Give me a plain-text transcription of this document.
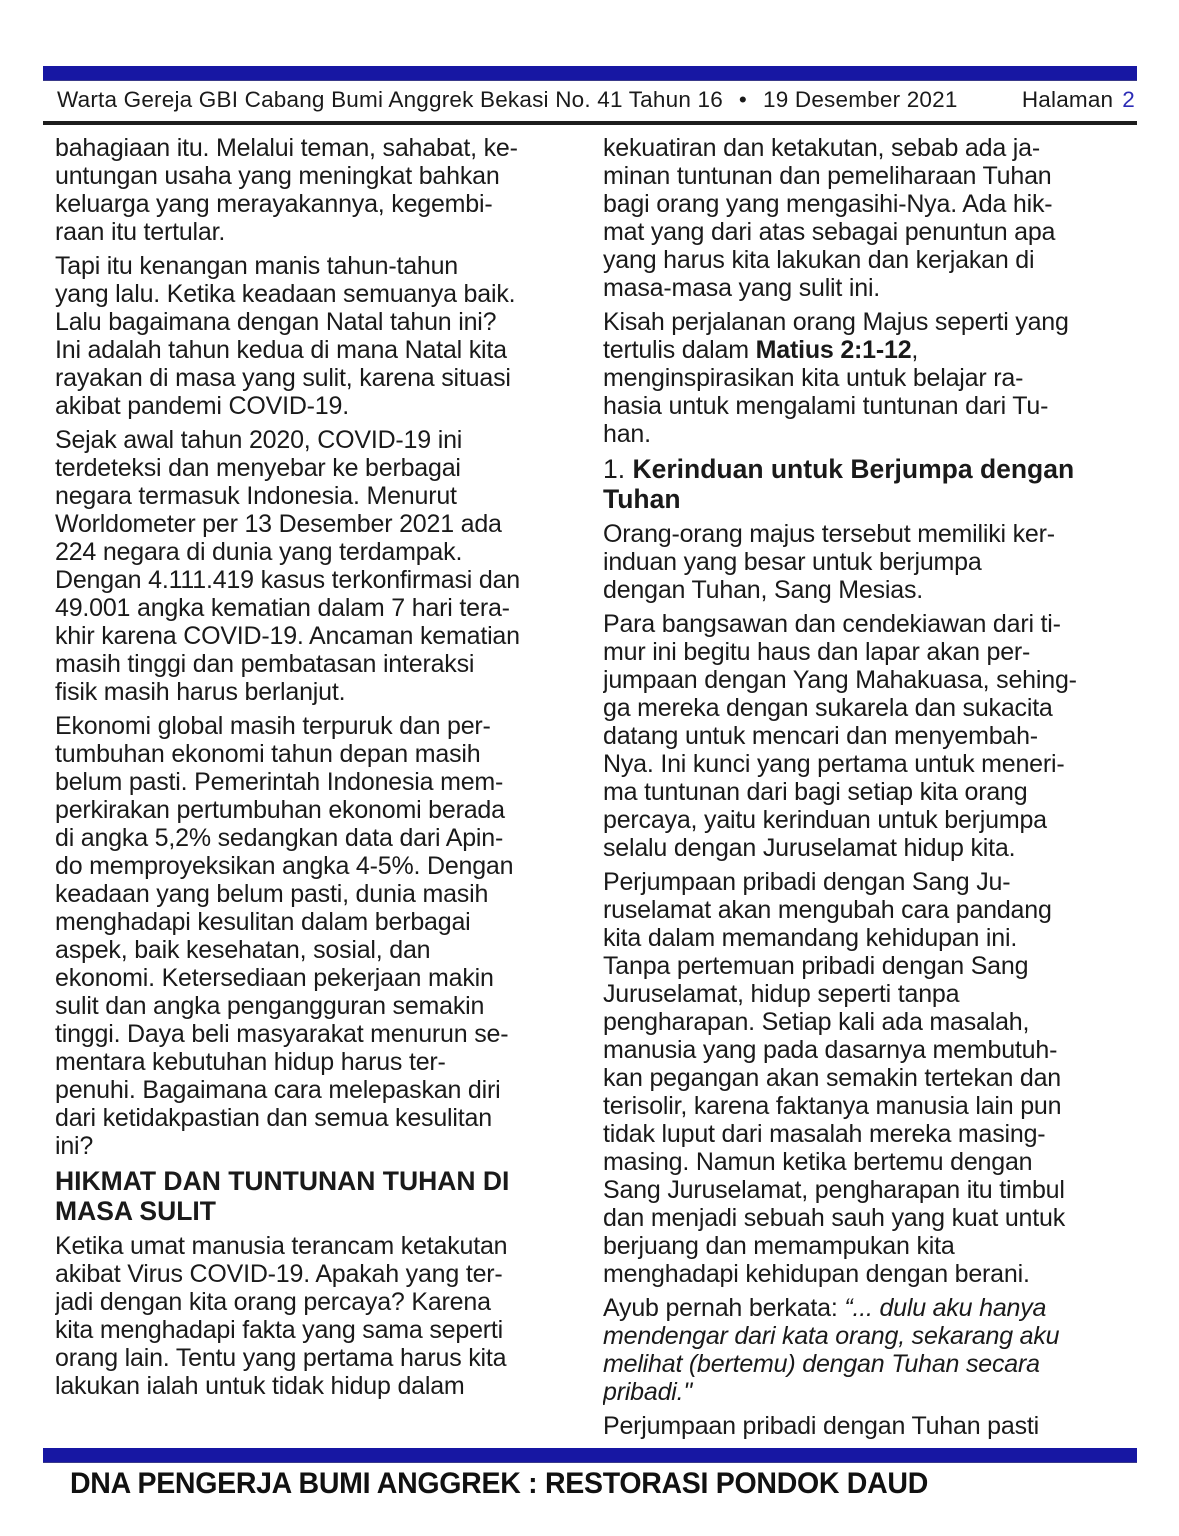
Warta Gereja GBI Cabang Bumi Anggrek Bekasi No. 41 Tahun 16 • 19 Desember 2021	Halaman 2
bahagiaan itu. Melalui teman, sahabat, ke-
untungan usaha yang meningkat bahkan
keluarga yang merayakannya, kegembi-
raan itu tertular.
Tapi itu kenangan manis tahun-tahun
yang lalu. Ketika keadaan semuanya baik.
Lalu bagaimana dengan Natal tahun ini?
Ini adalah tahun kedua di mana Natal kita
rayakan di masa yang sulit, karena situasi
akibat pandemi COVID-19.
Sejak awal tahun 2020, COVID-19 ini
terdeteksi dan menyebar ke berbagai
negara termasuk Indonesia. Menurut
Worldometer per 13 Desember 2021 ada
224 negara di dunia yang terdampak.
Dengan 4.111.419 kasus terkonfirmasi dan
49.001 angka kematian dalam 7 hari tera-
khir karena COVID-19. Ancaman kematian
masih tinggi dan pembatasan interaksi
fisik masih harus berlanjut.
Ekonomi global masih terpuruk dan per-
tumbuhan ekonomi tahun depan masih
belum pasti. Pemerintah Indonesia mem-
perkirakan pertumbuhan ekonomi berada
di angka 5,2% sedangkan data dari Apin-
do memproyeksikan angka 4-5%. Dengan
keadaan yang belum pasti, dunia masih
menghadapi kesulitan dalam berbagai
aspek, baik kesehatan, sosial, dan
ekonomi. Ketersediaan pekerjaan makin
sulit dan angka pengangguran semakin
tinggi. Daya beli masyarakat menurun se-
mentara kebutuhan hidup harus ter-
penuhi. Bagaimana cara melepaskan diri
dari ketidakpastian dan semua kesulitan
ini?
HIKMAT DAN TUNTUNAN TUHAN DI
MASA SULIT
Ketika umat manusia terancam ketakutan
akibat Virus COVID-19. Apakah yang ter-
jadi dengan kita orang percaya? Karena
kita menghadapi fakta yang sama seperti
orang lain. Tentu yang pertama harus kita
lakukan ialah untuk tidak hidup dalam
kekuatiran dan ketakutan, sebab ada ja-
minan tuntunan dan pemeliharaan Tuhan
bagi orang yang mengasihi-Nya. Ada hik-
mat yang dari atas sebagai penuntun apa
yang harus kita lakukan dan kerjakan di
masa-masa yang sulit ini.
Kisah perjalanan orang Majus seperti yang
tertulis dalam Matius 2:1-12,
menginspirasikan kita untuk belajar ra-
hasia untuk mengalami tuntunan dari Tu-
han.
1. Kerinduan untuk Berjumpa dengan
Tuhan
Orang-orang majus tersebut memiliki ker-
induan yang besar untuk berjumpa
dengan Tuhan, Sang Mesias.
Para bangsawan dan cendekiawan dari ti-
mur ini begitu haus dan lapar akan per-
jumpaan dengan Yang Mahakuasa, sehing-
ga mereka dengan sukarela dan sukacita
datang untuk mencari dan menyembah-
Nya. Ini kunci yang pertama untuk meneri-
ma tuntunan dari bagi setiap kita orang
percaya, yaitu kerinduan untuk berjumpa
selalu dengan Juruselamat hidup kita.
Perjumpaan pribadi dengan Sang Ju-
ruselamat akan mengubah cara pandang
kita dalam memandang kehidupan ini.
Tanpa pertemuan pribadi dengan Sang
Juruselamat, hidup seperti tanpa
pengharapan. Setiap kali ada masalah,
manusia yang pada dasarnya membutuh-
kan pegangan akan semakin tertekan dan
terisolir, karena faktanya manusia lain pun
tidak luput dari masalah mereka masing-
masing. Namun ketika bertemu dengan
Sang Juruselamat, pengharapan itu timbul
dan menjadi sebuah sauh yang kuat untuk
berjuang dan memampukan kita
menghadapi kehidupan dengan berani.
Ayub pernah berkata: “... dulu aku hanya
mendengar dari kata orang, sekarang aku
melihat (bertemu) dengan Tuhan secara
pribadi."
Perjumpaan pribadi dengan Tuhan pasti
DNA PENGERJA BUMI ANGGREK : RESTORASI PONDOK DAUD
